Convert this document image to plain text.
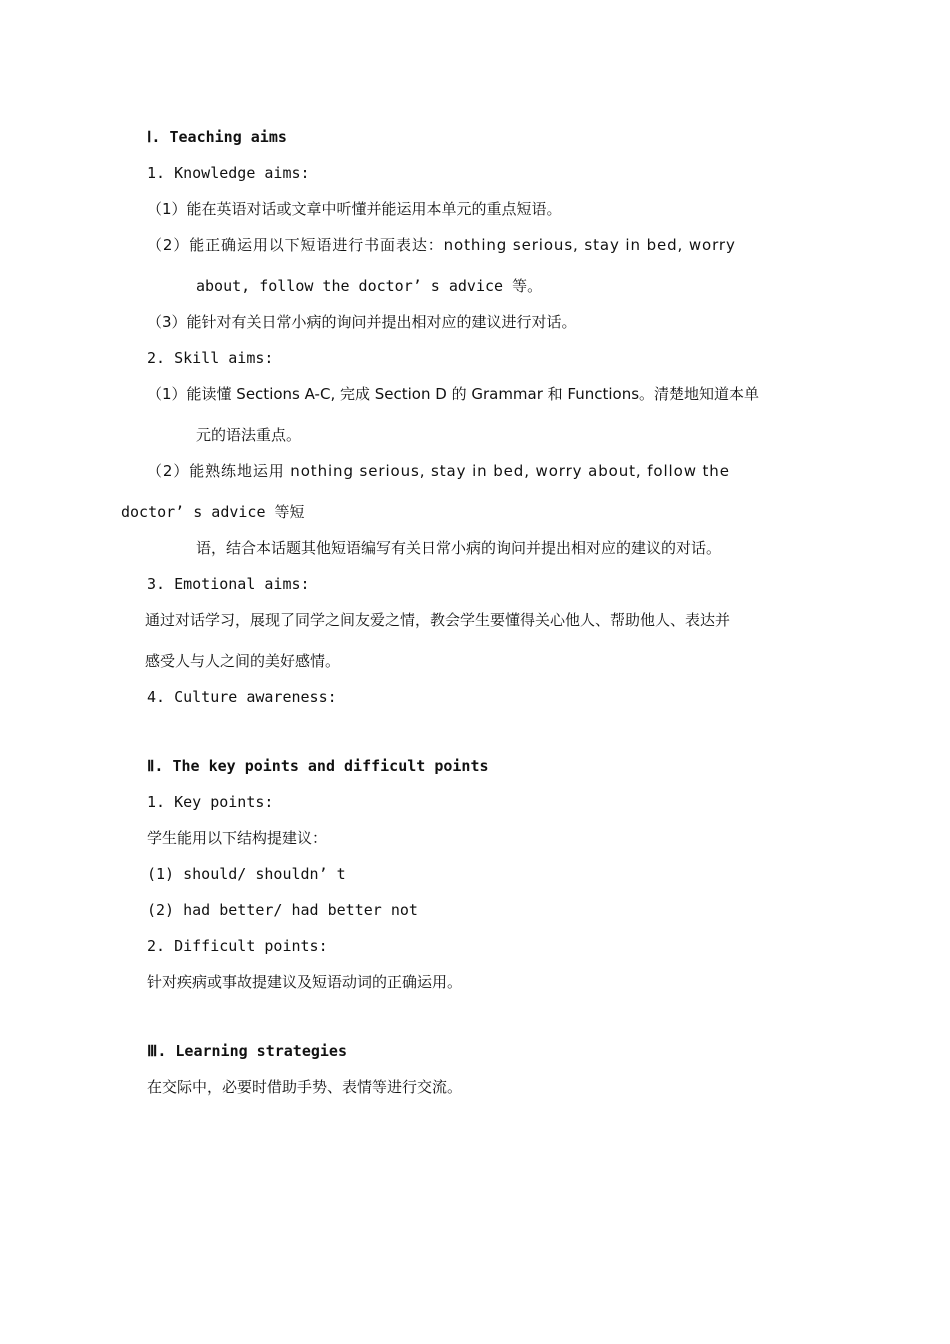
Ⅰ. Teaching aims
1. Knowledge aims:
（1）能在英语对话或文章中听懂并能运用本单元的重点短语。
（2）能正确运用以下短语进行书面表达：nothing serious, stay in bed, worry
about, follow the doctor’ s advice 等。
（3）能针对有关日常小病的询问并提出相对应的建议进行对话。
2. Skill aims:
（1）能读懂 Sections A-C, 完成 Section D 的 Grammar 和 Functions。清楚地知道本单
元的语法重点。
（2）能熟练地运用 nothing serious, stay in bed, worry about, follow the
doctor’ s advice 等短
语，结合本话题其他短语编写有关日常小病的询问并提出相对应的建议的对话。
3. Emotional aims:
通过对话学习，展现了同学之间友爱之情，教会学生要懂得关心他人、帮助他人、表达并
感受人与人之间的美好感情。
4. Culture awareness:
Ⅱ. The key points and difficult points
1. Key points:
学生能用以下结构提建议：
(1) should/ shouldn’ t
(2) had better/ had better not
2. Difficult points:
针对疾病或事故提建议及短语动词的正确运用。
Ⅲ. Learning strategies
在交际中，必要时借助手势、表情等进行交流。
